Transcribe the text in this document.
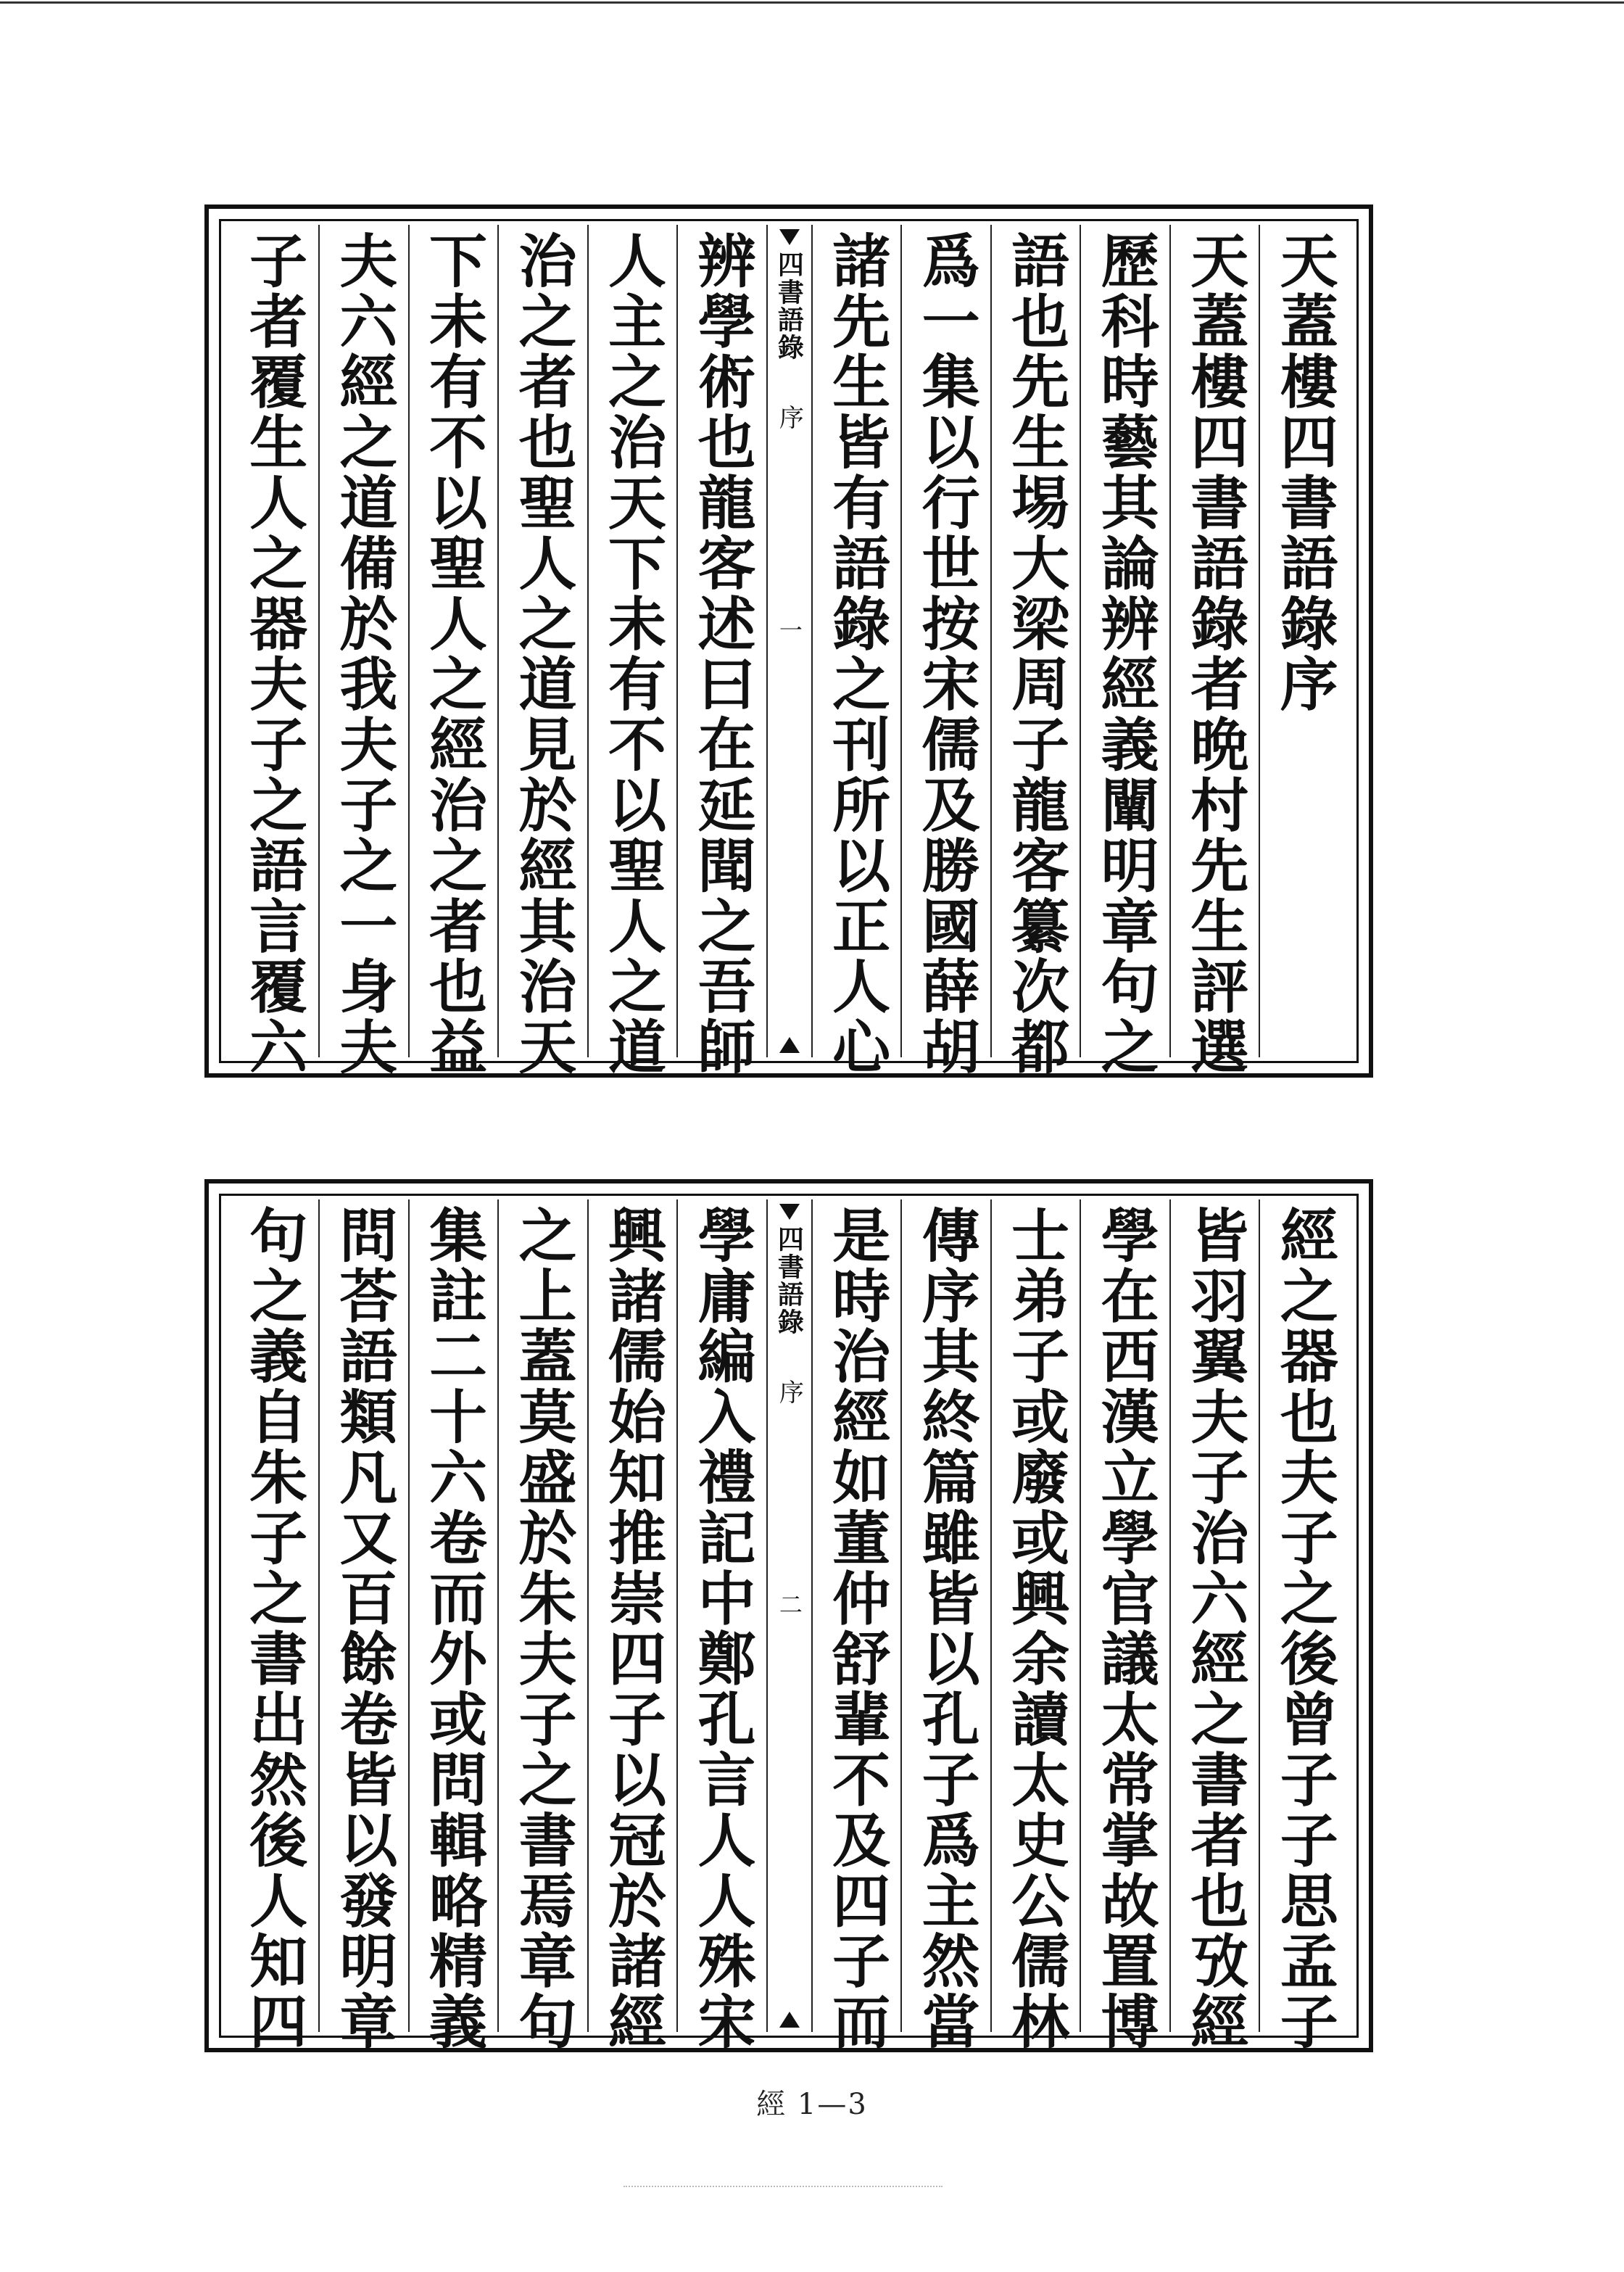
天蓋樓四書語錄序
天蓋樓四書語錄者晩村先生評選
歷科時藝其論辨經義闡明章句之
語也先生埸大梁周子龍客纂次都
爲一集以行世按宋儒及勝國薛胡
諸先生皆有語錄之刊所以正人心
四書語錄
序
一
辨學術也龍客述曰在延聞之吾師
人主之治天下未有不以聖人之道
治之者也聖人之道見於經其治天
下未有不以聖人之經治之者也益
夫六經之道備於我夫子之一身夫
子者覆生人之器夫子之語言覆六
經之器也夫子之後曾子子思孟子
皆羽翼夫子治六經之書者也攷經
學在西漢立學官議太常掌故置博
士弟子或廢或興余讀太史公儒林
傳序其終篇雖皆以孔子爲主然當
是時治經如董仲舒輩不及四子而
四書語錄
序
二
學庸編入禮記中鄭孔言人人殊宋
興諸儒始知推崇四子以冠於諸經
之上蓋莫盛於朱夫子之書焉章句
集註二十六卷而外或問輯略精義
問荅語類凡又百餘卷皆以發明章
句之義自朱子之書出然後人知四
經 1—3
